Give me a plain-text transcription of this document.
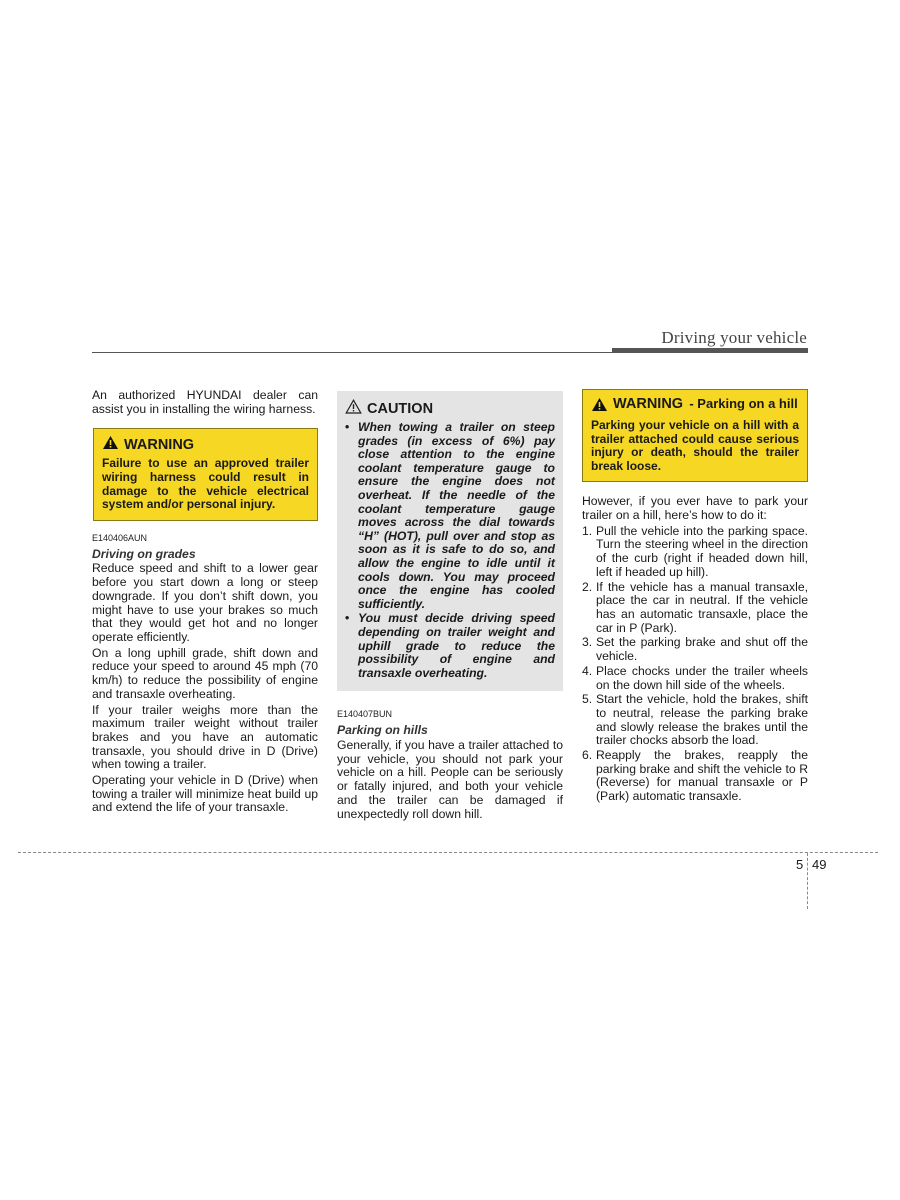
Driving your vehicle

An authorized HYUNDAI dealer can assist you in installing the wiring harness.

WARNING
Failure to use an approved trailer wiring harness could result in damage to the vehicle electrical system and/or personal injury.
E140406AUN
Driving on grades

Reduce speed and shift to a lower gear before you start down a long or steep downgrade. If you don’t shift down, you might have to use your brakes so much that they would get hot and no longer operate efficiently.

On a long uphill grade, shift down and reduce your speed to around 45 mph (70 km/h) to reduce the possibility of engine and transaxle overheating.

If your trailer weighs more than the maximum trailer weight without trailer brakes and you have an automatic transaxle, you should drive in D (Drive) when towing a trailer.

Operating your vehicle in D (Drive) when towing a trailer will minimize heat build up and extend the life of your transaxle.

CAUTION
• When towing a trailer on steep grades (in excess of 6%) pay close attention to the engine coolant temperature gauge to ensure the engine does not overheat. If the needle of the coolant temperature gauge moves across the dial towards “H” (HOT), pull over and stop as soon as it is safe to do so, and allow the engine to idle until it cools down. You may proceed once the engine has cooled sufficiently.
• You must decide driving speed depending on trailer weight and uphill grade to reduce the possibility of engine and transaxle overheating.
E140407BUN
Parking on hills

Generally, if you have a trailer attached to your vehicle, you should not park your vehicle on a hill. People can be seriously or fatally injured, and both your vehicle and the trailer can be damaged if unexpectedly roll down hill.

WARNING - Parking on a hill
Parking your vehicle on a hill with a trailer attached could cause serious injury or death, should the trailer break loose.

However, if you ever have to park your trailer on a hill, here’s how to do it:

1. Pull the vehicle into the parking space. Turn the steering wheel in the direction of the curb (right if headed down hill, left if headed up hill).
2. If the vehicle has a manual transaxle, place the car in neutral. If the vehicle has an automatic transaxle, place the car in P (Park).
3. Set the parking brake and shut off the vehicle.
4. Place chocks under the trailer wheels on the down hill side of the wheels.
5. Start the vehicle, hold the brakes, shift to neutral, release the parking brake and slowly release the brakes until the trailer chocks absorb the load.
6. Reapply the brakes, reapply the parking brake and shift the vehicle to R (Reverse) for manual transaxle or P (Park) automatic transaxle.
5 49
